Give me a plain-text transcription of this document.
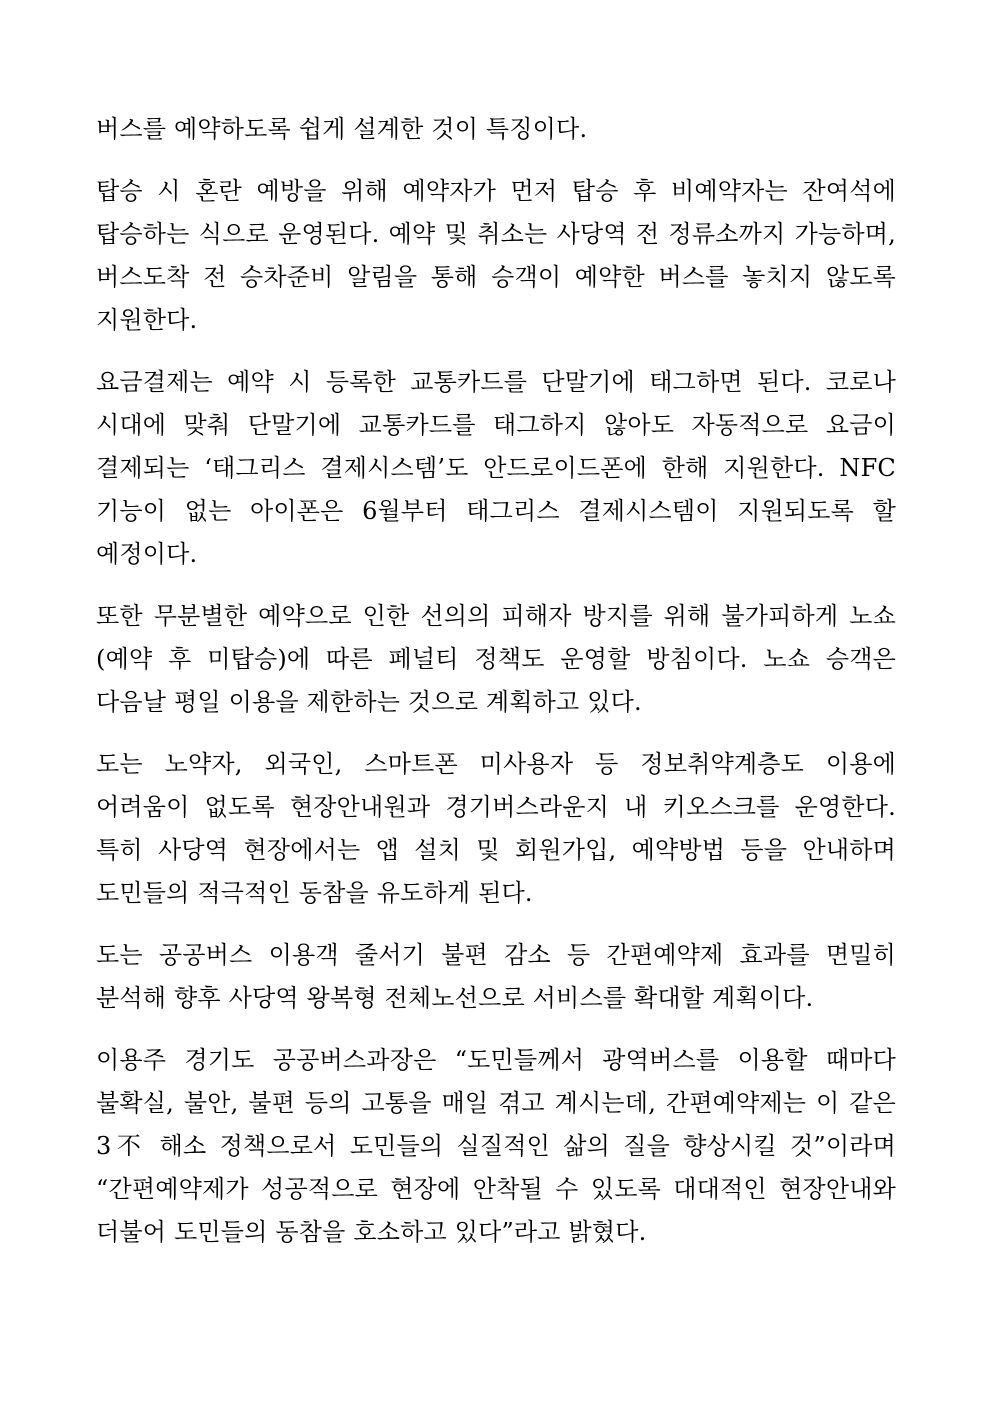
버스를 예약하도록 쉽게 설계한 것이 특징이다.

탑승 시 혼란 예방을 위해 예약자가 먼저 탑승 후 비예약자는 잔여석에 탑승하는 식으로 운영된다. 예약 및 취소는 사당역 전 정류소까지 가능하며, 버스도착 전 승차준비 알림을 통해 승객이 예약한 버스를 놓치지 않도록 지원한다.

요금결제는 예약 시 등록한 교통카드를 단말기에 태그하면 된다. 코로나 시대에 맞춰 단말기에 교통카드를 태그하지 않아도 자동적으로 요금이 결제되는 ‘태그리스 결제시스템’도 안드로이드폰에 한해 지원한다. NFC 기능이 없는 아이폰은 6월부터 태그리스 결제시스템이 지원되도록 할 예정이다.

또한 무분별한 예약으로 인한 선의의 피해자 방지를 위해 불가피하게 노쇼(예약 후 미탑승)에 따른 페널티 정책도 운영할 방침이다. 노쇼 승객은 다음날 평일 이용을 제한하는 것으로 계획하고 있다.

도는 노약자, 외국인, 스마트폰 미사용자 등 정보취약계층도 이용에 어려움이 없도록 현장안내원과 경기버스라운지 내 키오스크를 운영한다. 특히 사당역 현장에서는 앱 설치 및 회원가입, 예약방법 등을 안내하며 도민들의 적극적인 동참을 유도하게 된다.

도는 공공버스 이용객 줄서기 불편 감소 등 간편예약제 효과를 면밀히 분석해 향후 사당역 왕복형 전체노선으로 서비스를 확대할 계획이다.

이용주 경기도 공공버스과장은 “도민들께서 광역버스를 이용할 때마다 불확실, 불안, 불편 등의 고통을 매일 겪고 계시는데, 간편예약제는 이 같은 3不 해소 정책으로서 도민들의 실질적인 삶의 질을 향상시킬 것”이라며 “간편예약제가 성공적으로 현장에 안착될 수 있도록 대대적인 현장안내와 더불어 도민들의 동참을 호소하고 있다”라고 밝혔다.
